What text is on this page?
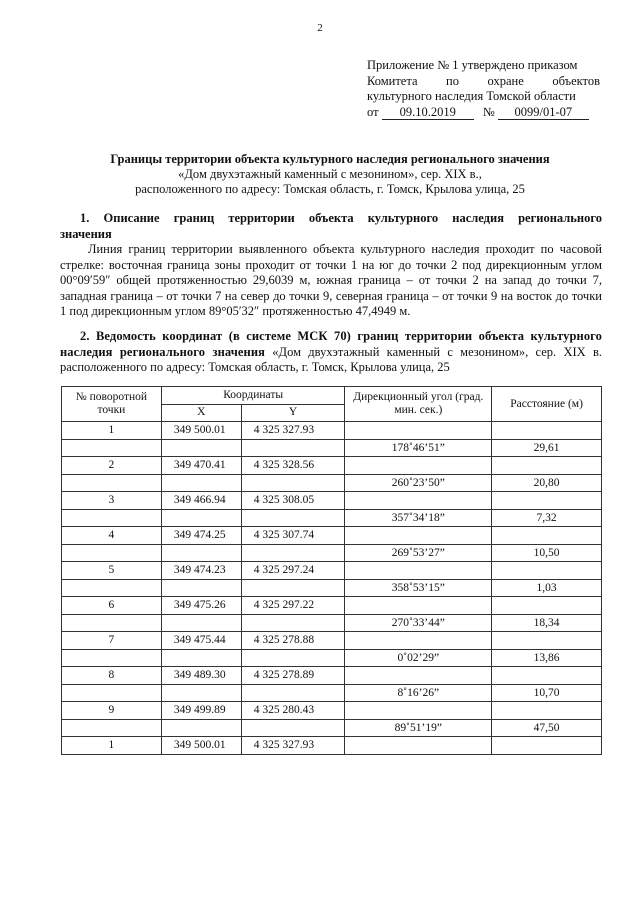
2
Приложение № 1 утверждено приказом
Комитета по охране объектов
культурного наследия Томской области
от 09.10.2019 № 0099/01-07
Границы территории объекта культурного наследия регионального значения
«Дом двухэтажный каменный с мезонином», сер. XIX в.,
расположенного по адресу: Томская область, г. Томск, Крылова улица, 25
1. Описание границ территории объекта культурного наследия регионального
значения
Линия границ территории выявленного объекта культурного наследия проходит по часовой стрелке: восточная граница зоны проходит от точки 1 на юг до точки 2 под дирекционным углом 00°09′59″ общей протяженностью 29,6039 м, южная граница – от точки 2 на запад до точки 7, западная граница – от точки 7 на север до точки 9, северная граница – от точки 9 на восток до точки 1 под дирекционным углом 89°05′32″ протяженностью 47,4949 м.
2. Ведомость координат (в системе МСК 70) границ территории объекта культурного наследия регионального значения «Дом двухэтажный каменный с мезонином», сер. XIX в. расположенного по адресу: Томская область, г. Томск, Крылова улица, 25
№ поворотной точки	Координаты		Дирекционный угол (град. мин. сек.)	Расстояние (м)
	X	Y		
1	349 500.01	4 325 327.93		
			178˚46’51”	29,61
2	349 470.41	4 325 328.56		
			260˚23’50”	20,80
3	349 466.94	4 325 308.05		
			357˚34’18”	7,32
4	349 474.25	4 325 307.74		
			269˚53’27”	10,50
5	349 474.23	4 325 297.24		
			358˚53’15”	1,03
6	349 475.26	4 325 297.22		
			270˚33’44”	18,34
7	349 475.44	4 325 278.88		
			0˚02’29”	13,86
8	349 489.30	4 325 278.89		
			8˚16’26”	10,70
9	349 499.89	4 325 280.43		
			89˚51’19”	47,50
1	349 500.01	4 325 327.93		
